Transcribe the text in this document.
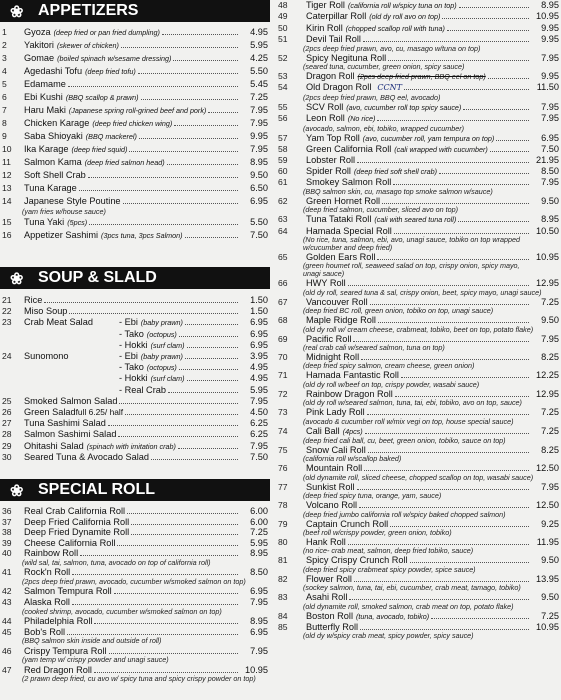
❀ APPETIZERS
1	Gyoza (deep fried or pan fried dumpling)	4.95
2	Yakitori (skewer of chicken)	5.95
3	Gomae (boiled spinach w/sesame dressing)	4.25
4	Agedashi Tofu (deep fried tofu)	5.50
5	Edamame	5.45
6	Ebi Kushi (BBQ scallop & prawn)	7.25
7	Haru Maki (Japanese spring roll-grined beef and pork)	7.95
8	Chicken Karage (deep fried chicken wing)	7.95
9	Saba Shioyaki (BBQ mackerel)	9.95
10	Ika Karage (deep fried squid)	7.95
11	Salmon Kama (deep fried salmon head)	8.95
12	Soft Shell Crab	9.50
13	Tuna Karage	6.50
14	Japanese Style Poutine	6.95
(yam fries w/house sauce)
15	Tuna Yaki (5pcs)	5.50
16	Appetizer Sashimi (3pcs tuna, 3pcs Salmon)	7.50
❀ SOUP & SLALD
21	Rice	1.50
22	Miso Soup	1.50
23	Crab Meat Salad	- Ebi (baby prawn)	6.95
- Tako (octopus)	6.95
- Hokki (surf clam)	6.95
24	Sunomono	- Ebi (baby prawn)	3.95
- Tako (octopus)	4.95
- Hokki (surf clam)	4.95
- Real Crab	5.95
25	Smoked Salmon Salad	7.95
26	Green Salad full 6.25/ half	4.50
27	Tuna Sashimi Salad	6.25
28	Salmon Sashimi Salad	6.25
29	Ohitashi Salad (spinach with imitation crab)	7.95
30	Seared Tuna & Avocado Salad	7.50
❀ SPECIAL ROLL
36	Real Crab California Roll	6.00
37	Deep Fried California Roll	6.00
38	Deep Fried Dynamite Roll	7.25
39	Cheese California Roll	5.95
40	Rainbow Roll	8.95
(wild sal, tai, salmon, tuna, avocado on top of california roll)
41	Rock'n Roll	8.50
(2pcs deep fried prawn, avocado, cucumber w/smoked salmon on top)
42	Salmon Tempura Roll	6.95
43	Alaska Roll	7.95
(cooked shrimp, avocado, cucumber w/smoked salmon on top)
44	Philadelphia Roll	8.95
45	Bob's Roll	6.95
(BBQ salmon skin inside and outside of roll)
46	Crispy Tempura Roll	7.95
(yam temp w/ crispy powder and unagi sauce)
47	Red Dragon Roll	10.95
(2 prawn deep fried, cu avo w/ spicy tuna and spicy crispy powder on top)
48	Tiger Roll (california roll w/spicy tuna on top)	8.95
49	Caterpillar Roll (old dy roll avo on top)	10.95
50	Kirin Roll (chopped scallop roll with tuna)	9.95
51	Devil Tail Roll	9.95
(2pcs deep fried prawn, avo, cu, masago w/tuna on top)
52	Spicy Negituna Roll	7.95
(seared tuna, cucumber, green onion, spicy sauce)
53	Dragon Roll (2pcs deep fried prawn, BBQ eel on top)	9.95
54	Old Dragon Roll CCNT	11.50
(2pcs deep fried prawn, BBQ eel, avocado)
55	SCV Roll (avo, cucumber roll top spicy sauce)	7.95
56	Leon Roll (No rice)	7.95
(avocado, salmon, ebi, tobiko, wrapped cucumber)
57	Yam Top Roll (avo, cucumber roll, yam tempura on top)	6.95
58	Green California Roll (cali wrapped with cucumber)	7.50
59	Lobster Roll	21.95
60	Spider Roll (deep fried soft shell crab)	8.50
61	Smokey Salmon Roll	7.95
(BBQ salmon skin, cu, masago top smoke salmon w/sauce)
62	Green Hornet Roll	9.50
(deep fried salmon, cucumber, sliced avo on top)
63	Tuna Tataki Roll (cali with seared tuna roll)	8.95
64	Hamada Special Roll	10.50
(No rice, tuna, salmon, ebi, avo, unagi sauce, tobiko on top wrapped
w/cucumber and deep fried)
65	Golden Ears Roll	10.95
(green houmet roll, seaweed salad on top, crispy onion, spicy mayo,
unagi sauce)
66	HWY Roll	12.95
(old dy roll, seared tuna & sal, crispy onion, beet, spicy mayo, unagi sauce)
67	Vancouver Roll	7.25
(deep fried BC roll, green onion, tobiko on top, unagi sauce)
68	Maple Ridge Roll	9.50
(old dy roll w/ cream cheese, crabmeat, tobiko, beet on top, potato flake)
69	Pacific Roll	7.95
(real crab cali w/seared salmon, tuna on top)
70	Midnight Roll	8.25
(deep fried spicy salmon, cream cheese, green onion)
71	Hamada Fantastic Roll	12.25
(old dy roll w/beef on top, crispy powder, wasabi sauce)
72	Rainbow Dragon Roll	12.95
(old dy roll w/seared salmon, tuna, tai, ebi, tobiko, avo on top, sauce)
73	Pink Lady Roll	7.25
(avocado & cucumber roll w/mix vegi on top, house special sauce)
74	Cali Ball (4pcs)	7.25
(deep fried cali ball, cu, beet, green onion, tobiko, sauce on top)
75	Snow Cali Roll	8.25
(california roll w/scallop baked)
76	Mountain Roll	12.50
(old dynamite roll, sliced cheese, chopped scallop on top, wasabi sauce)
77	Sunkist Roll	7.95
(deep fried spicy tuna, orange, yam, sauce)
78	Volcano Roll	12.50
(deep fried jumbo california roll w/spicy baked chopped salmon)
79	Captain Crunch Roll	9.25
(beef roll w/crispy powder, green onion, tobiko)
80	Hank Roll	11.95
(no rice- crab meat, salmon, deep fried tobiko, sauce)
81	Spicy Crispy Crunch Roll	9.50
(deep fried spicy crabmeat spicy powder, spice sauce)
82	Flower Roll	13.95
(sockey salmon, tuna, tai, ebi, cucumber, crab meat, tamago, tobiko)
83	Asahi Roll	9.50
(old dynamite roll, smoked salmon, crab meat on top, potato flake)
84	Boston Roll (tuna, avocado, tobiko)	7.25
85	Butterfly Roll	10.95
(old dy w/spicy crab meat, spicy powder, spicy sauce)
